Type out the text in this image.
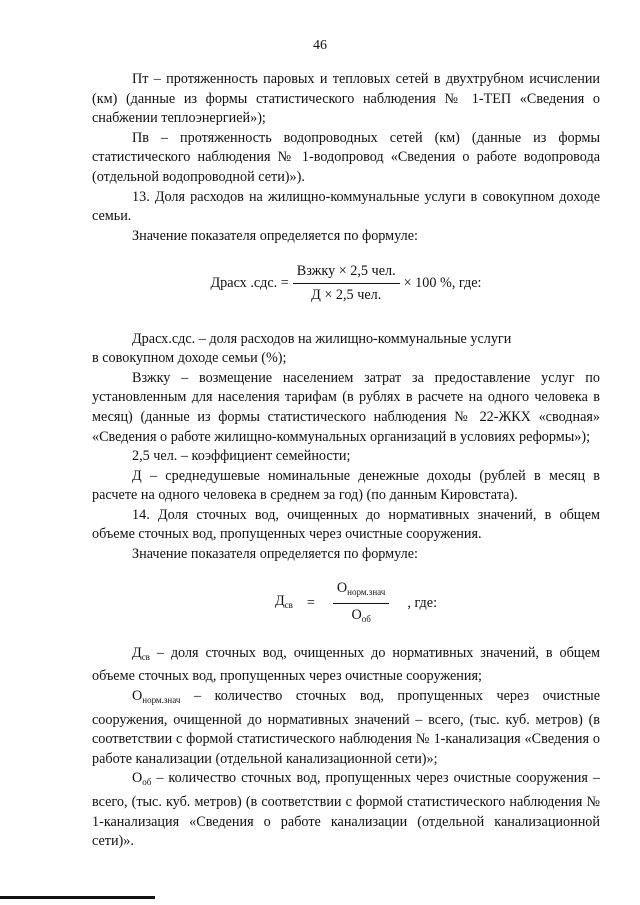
46

Пт – протяженность паровых и тепловых сетей в двухтрубном исчислении (км) (данные из формы статистического наблюдения № 1-ТЕП «Сведения о снабжении теплоэнергией»);

Пв – протяженность водопроводных сетей (км) (данные из формы статистического наблюдения № 1-водопровод «Сведения о работе водопровода (отдельной водопроводной сети)»).

13. Доля расходов на жилищно-коммунальные услуги в совокупном доходе семьи.

Значение показателя определяется по формуле:

Драсх .сдс. = $\frac{\text{Взжку × 2,5 чел.}}{\text{Д × 2,5 чел.}} \times 100$ %, где:

Драсх.сдс. – доля расходов на жилищно-коммунальные услуги

в совокупном доходе семьи (%);

Взжку – возмещение населением затрат за предоставление услуг по установленным для населения тарифам (в рублях в расчете на одного человека в месяц) (данные из формы статистического наблюдения № 22-ЖКХ «сводная» «Сведения о работе жилищно-коммунальных организаций в условиях реформы»);

2,5 чел. – коэффициент семейности;

Д – среднедушевые номинальные денежные доходы (рублей в месяц в расчете на одного человека в среднем за год) (по данным Кировстата).

14. Доля сточных вод, очищенных до нормативных значений, в общем объеме сточных вод, пропущенных через очистные сооружения.

Значение показателя определяется по формуле:

$Д_{св} = \frac{О_{норм.знач}}{О_{об}}$ , где:

$Д_{св}$ – доля сточных вод, очищенных до нормативных значений, в общем объеме сточных вод, пропущенных через очистные сооружения;

$О_{норм.знач}$ – количество сточных вод, пропущенных через очистные сооружения, очищенной до нормативных значений – всего, (тыс. куб. метров) (в соответствии с формой статистического наблюдения № 1-канализация «Сведения о работе канализации (отдельной канализационной сети)»;

$О_{об}$ – количество сточных вод, пропущенных через очистные сооружения – всего, (тыс. куб. метров) (в соответствии с формой статистического наблюдения № 1-канализация «Сведения о работе канализации (отдельной канализационной сети)».
